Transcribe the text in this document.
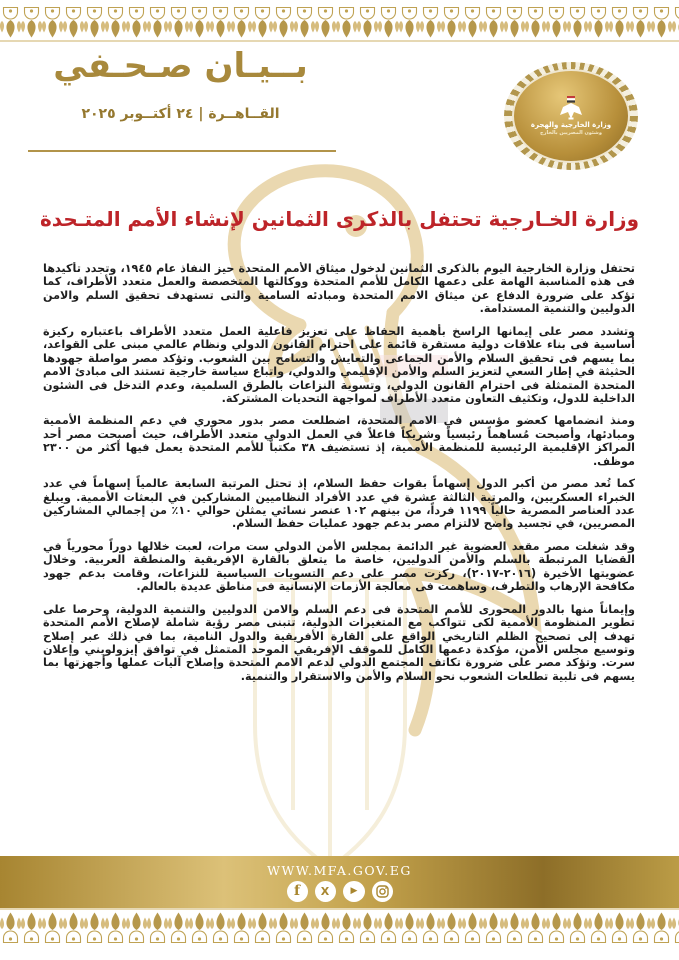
بــيـان صـحـفي
القــاهــرة | ٢٤ أكتــوبر ٢٠٢٥
وزارة الخارجية والهجرة
وشئون المصريين بالخارج
وزارة الخـارجية تحتفل بالذكرى الثمانين لإنشاء الأمم المتـحدة

تحتفل وزارة الخارجية اليوم بالذكرى الثمانين لدخول ميثاق الأمم المتحدة حيز النفاذ عام ١٩٤٥، وتجدد تأكيدها فى هذه المناسبة الهامة على دعمها الكامل للأمم المتحدة ووكالتها المتخصصة والعمل متعدد الأطراف، كما تؤكد على ضرورة الدفاع عن ميثاق الامم المتحدة ومبادئه السامية والتى تستهدف تحقيق السلم والامن الدوليين والتنمية المستدامة.

وتشدد مصر على إيمانها الراسخ بأهمية الحفاظ على تعزيز فاعلية العمل متعدد الأطراف باعتباره ركيزة أساسية فى بناء علاقات دولية مستقرة قائمة على احترام القانون الدولي ونظام عالمي مبنى على القواعد، بما يسهم فى تحقيق السلام والأمن الجماعى والتعايش والتسامح بين الشعوب. وتؤكد مصر مواصلة جهودها الحثيثة في إطار السعي لتعزيز السلم والأمن الإقليمي والدولي، واتباع سياسة خارجية تستند الى مبادئ الامم المتحدة المتمثلة فى احترام القانون الدولي، وتسوية النزاعات بالطرق السلمية، وعدم التدخل فى الشئون الداخلية للدول، وتكثيف التعاون متعدد الأطراف لمواجهة التحديات المشتركة.

ومنذ انضمامها كعضو مؤسس في الامم المتحدة، اضطلعت مصر بدور محوري في دعم المنظمة الأممية ومبادئها، وأصبحت مُساهماً رئيسياً وشريكاً فاعلاً في العمل الدولي متعدد الأطراف، حيث أصبحت مصر أحد المراكز الإقليمية الرئيسية للمنظمة الأممية، إذ تستضيف ٣٨ مكتباً للأمم المتحدة يعمل فيها أكثر من ٢٣٠٠ موظف.

كما تُعد مصر من أكبر الدول إسهاماً بقوات حفظ السلام، إذ تحتل المرتبة السابعة عالمياً إسهاماً في عدد الخبراء العسكريين، والمرتبة الثالثة عشرة في عدد الأفراد النظاميين المشاركين في البعثات الأممية. ويبلغ عدد العناصر المصرية حالياً ١١٩٩ فرداً، من بينهم ١٠٢ عنصر نسائي يمثلن حوالي ١٠٪ من إجمالي المشاركين المصريين، في تجسيد واضح لالتزام مصر بدعم جهود عمليات حفظ السلام.

وقد شغلت مصر مقعد العضوية غير الدائمة بمجلس الأمن الدولي ست مرات، لعبت خلالها دوراً محورياً في القضايا المرتبطة بالسلم والأمن الدوليين، خاصة ما يتعلق بالقارة الإفريقية والمنطقة العربية. وخلال عضويتها الأخيرة (٢٠١٦-٢٠١٧)، ركزت مصر على دعم التسويات السياسية للنزاعات، وقامت بدعم جهود مكافحة الإرهاب والتطرف، وساهمت فى معالجة الأزمات الإنسانية فى مناطق عديدة بالعالم.

وإيماناً منها بالدور المحورى للأمم المتحدة فى دعم السلم والامن الدوليين والتنمية الدولية، وحرصا على تطوير المنظومة الأممية لكى تتواكب مع المتغيرات الدولية، تتبنى مصر رؤية شاملة لإصلاح الأمم المتحدة تهدف إلى تصحيح الظلم التاريخي الواقع على القارة الأفريقية والدول النامية، بما في ذلك عبر إصلاح وتوسيع مجلس الأمن، مؤكدة دعمها الكامل للموقف الإفريقي الموحد المتمثل في توافق إيزولويني وإعلان سرت. وتؤكد مصر على ضرورة تكاتف المجتمع الدولي لدعم الامم المتحدة وإصلاح آليات عملها وأجهزتها بما يسهم فى تلبية تطلعات الشعوب نحو السلام والأمن والاستقرار والتنمية.

WWW.MFA.GOV.EG
f	X	▶
